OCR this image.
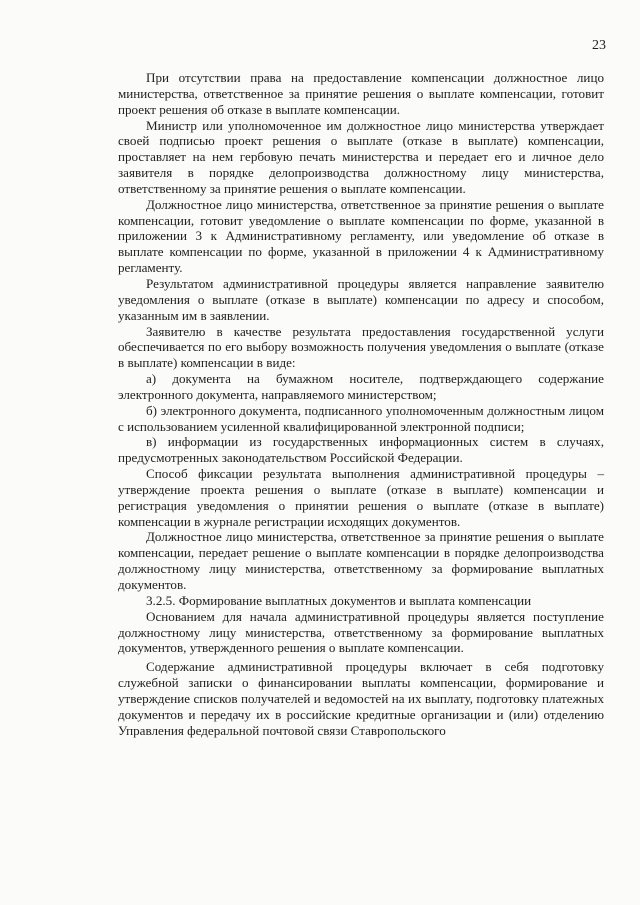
23

При отсутствии права на предоставление компенсации должностное лицо министерства, ответственное за принятие решения о выплате компенсации, готовит проект решения об отказе в выплате компенсации.

Министр или уполномоченное им должностное лицо министерства утверждает своей подписью проект решения о выплате (отказе в выплате) компенсации, проставляет на нем гербовую печать министерства и передает его и личное дело заявителя в порядке делопроизводства должностному лицу министерства, ответственному за принятие решения о выплате компенсации.

Должностное лицо министерства, ответственное за принятие решения о выплате компенсации, готовит уведомление о выплате компенсации по форме, указанной в приложении 3 к Административному регламенту, или уведомление об отказе в выплате компенсации по форме, указанной в приложении 4 к Административному регламенту.

Результатом административной процедуры является направление заявителю уведомления о выплате (отказе в выплате) компенсации по адресу и способом, указанным им в заявлении.

Заявителю в качестве результата предоставления государственной услуги обеспечивается по его выбору возможность получения уведомления о выплате (отказе в выплате) компенсации в виде:

а) документа на бумажном носителе, подтверждающего содержание электронного документа, направляемого министерством;

б) электронного документа, подписанного уполномоченным должностным лицом с использованием усиленной квалифицированной электронной подписи;

в) информации из государственных информационных систем в случаях, предусмотренных законодательством Российской Федерации.

Способ фиксации результата выполнения административной процедуры – утверждение проекта решения о выплате (отказе в выплате) компенсации и регистрация уведомления о принятии решения о выплате (отказе в выплате) компенсации в журнале регистрации исходящих документов.

Должностное лицо министерства, ответственное за принятие решения о выплате компенсации, передает решение о выплате компенсации в порядке делопроизводства должностному лицу министерства, ответственному за формирование выплатных документов.

3.2.5. Формирование выплатных документов и выплата компенсации

Основанием для начала административной процедуры является поступление должностному лицу министерства, ответственному за формирование выплатных документов, утвержденного решения о выплате компенсации.

Содержание административной процедуры включает в себя подготовку служебной записки о финансировании выплаты компенсации, формирование и утверждение списков получателей и ведомостей на их выплату, подготовку платежных документов и передачу их в российские кредитные организации и (или) отделению Управления федеральной почтовой связи Ставропольского
